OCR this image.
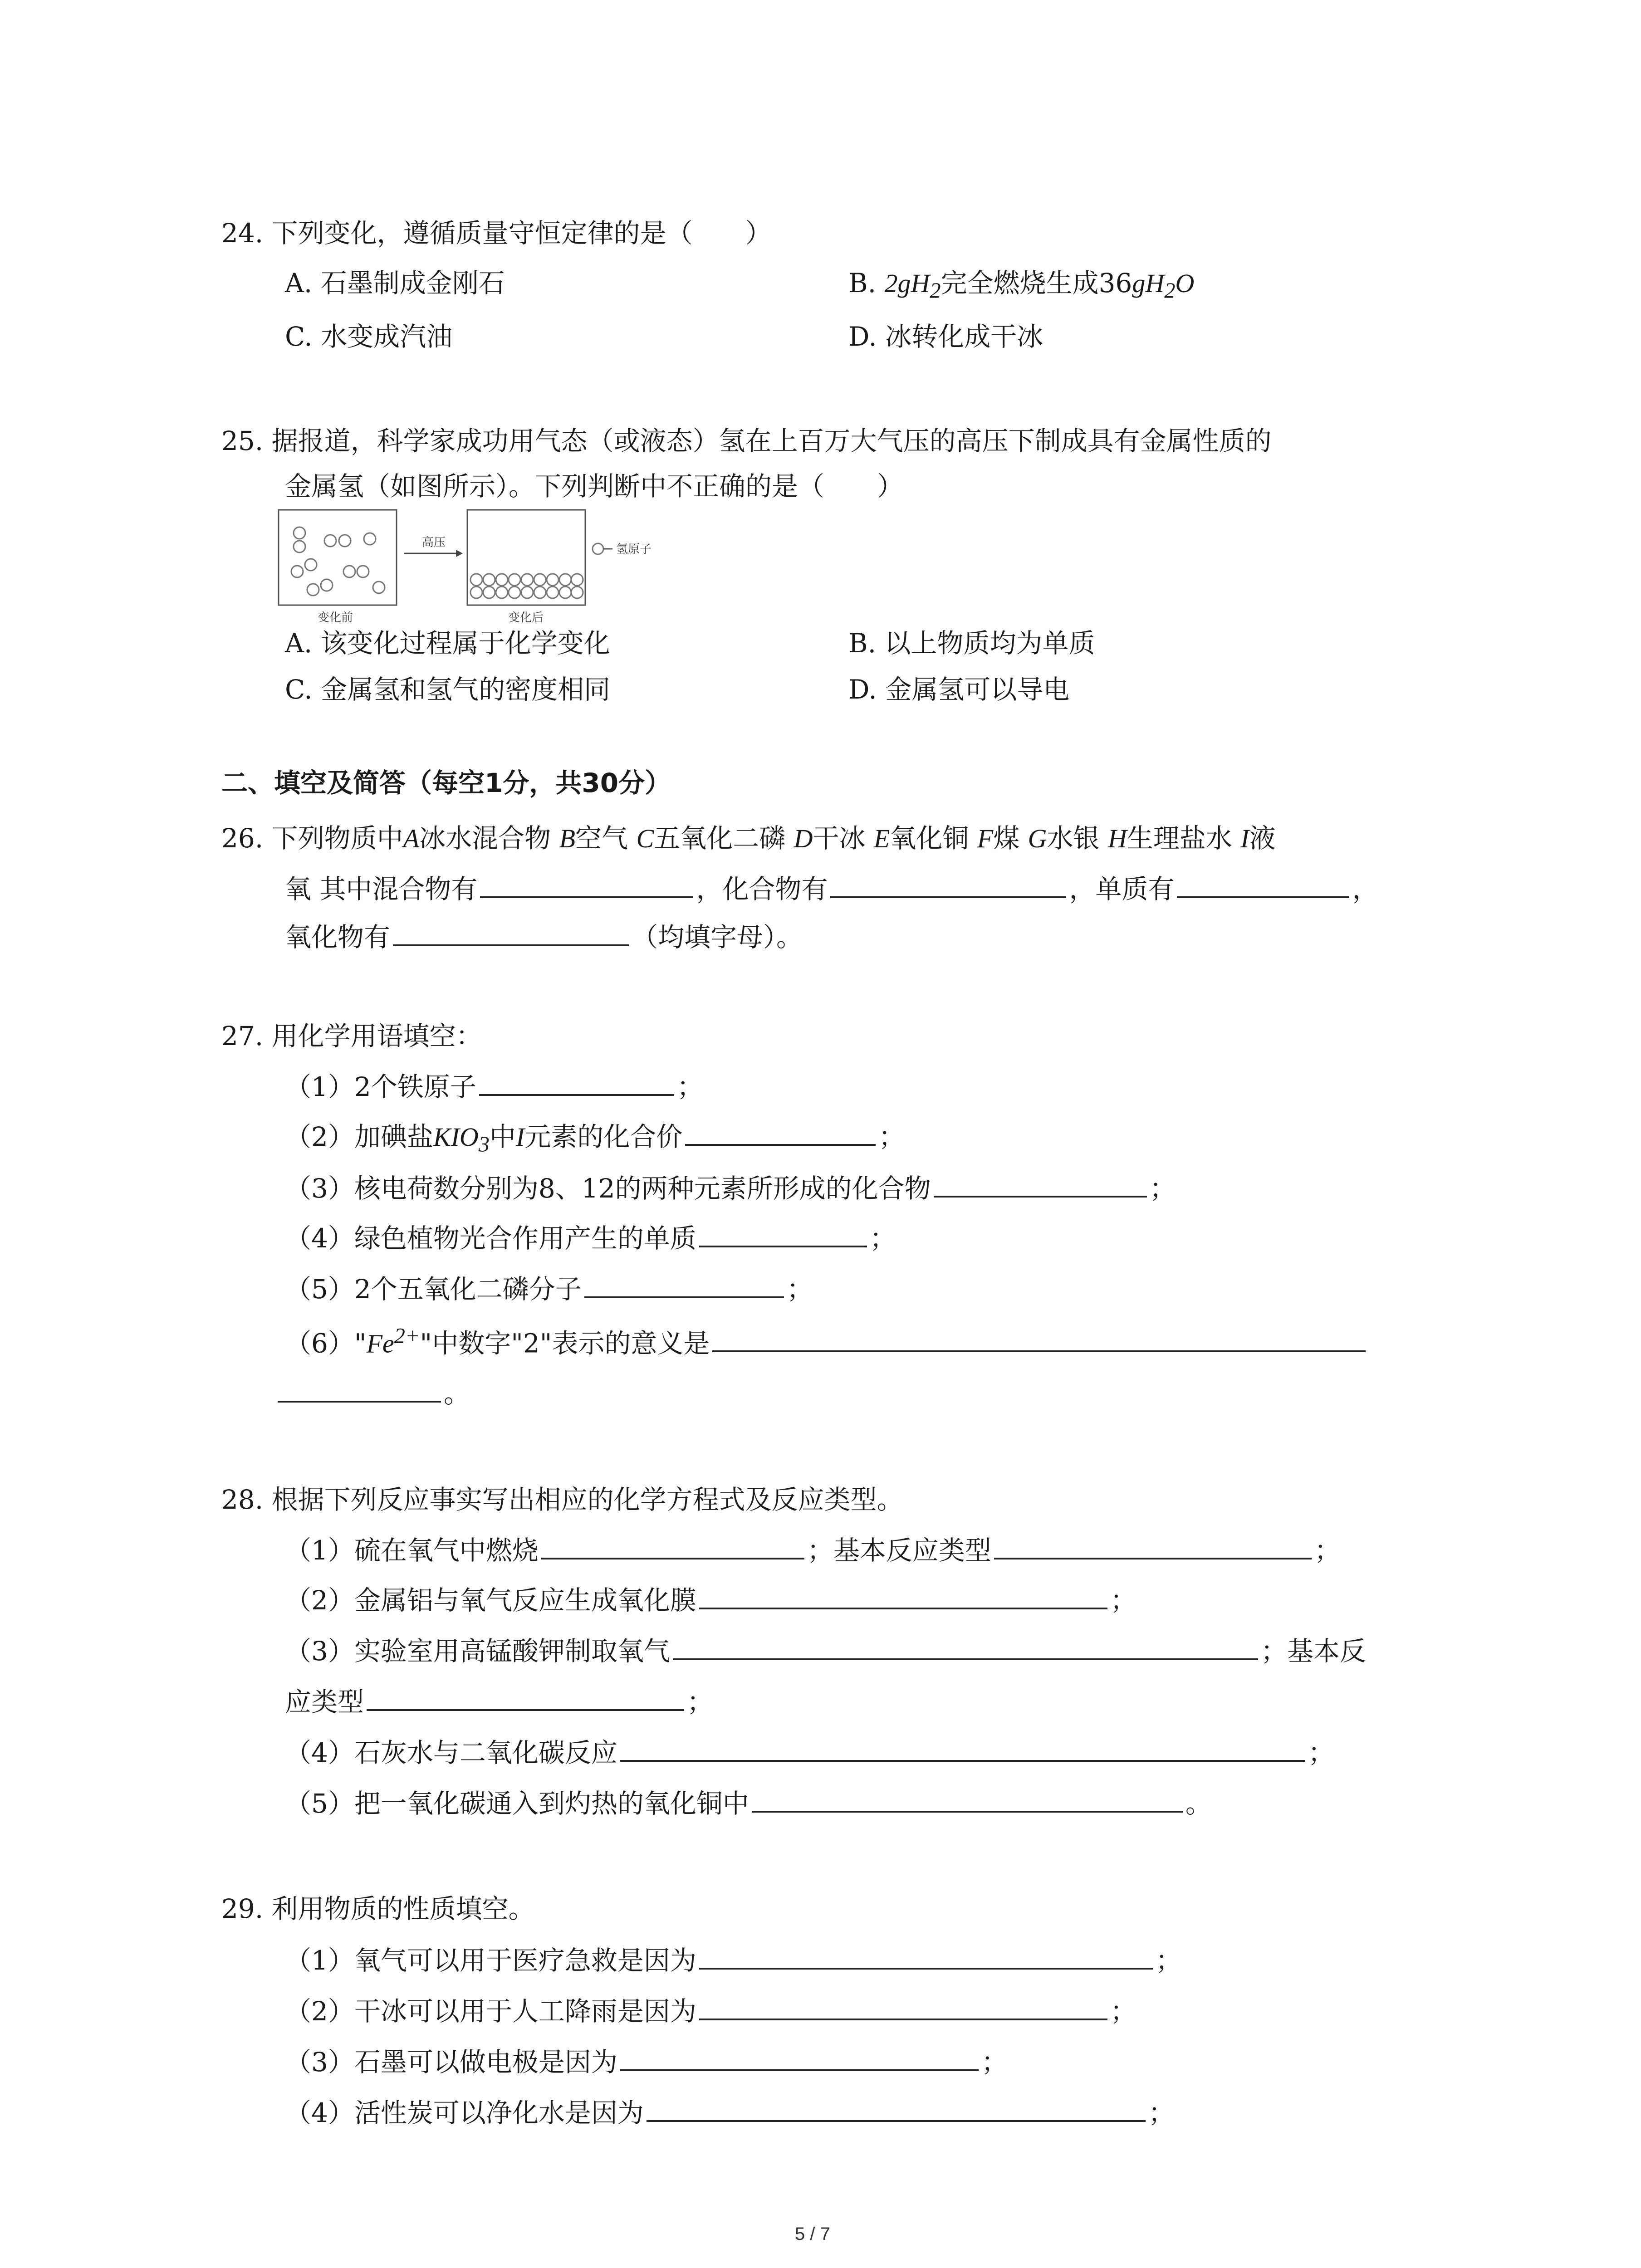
24. 下列变化，遵循质量守恒定律的是（　　）
A. 石墨制成金刚石	B. $2gH_2$完全燃烧生成$36gH_2O$
C. 水变成汽油	D. 冰转化成干冰
25. 据报道，科学家成功用气态（或液态）氢在上百万大气压的高压下制成具有金属性质的
金属氢（如图所示）。下列判断中不正确的是（　　）
高压	氢原子
变化前	变化后
A. 该变化过程属于化学变化	B. 以上物质均为单质
C. 金属氢和氢气的密度相同	D. 金属氢可以导电
二、填空及简答（每空1分，共30分）
26. 下列物质中A冰水混合物 B空气 C五氧化二磷 D干冰 E氧化铜 F煤 G水银 H生理盐水 I液
氧 其中混合物有	，化合物有	，单质有	，
氧化物有	（均填字母）。
27. 用化学用语填空：
（1）2个铁原子	；
（2）加碘盐$KIO_3$中I元素的化合价	；
（3）核电荷数分别为8、12的两种元素所形成的化合物	；
（4）绿色植物光合作用产生的单质	；
（5）2个五氧化二磷分子	；
$(6)"Fe^{2+}$"中数字"2"表示的意义是
。
28. 根据下列反应事实写出相应的化学方程式及反应类型。
（1）硫在氧气中燃烧	；基本反应类型	；
（2）金属铝与氧气反应生成氧化膜	；
（3）实验室用高锰酸钾制取氧气	；基本反
应类型	；
（4）石灰水与二氧化碳反应	；
（5）把一氧化碳通入到灼热的氧化铜中	。
29. 利用物质的性质填空。
（1）氧气可以用于医疗急救是因为	；
（2）干冰可以用于人工降雨是因为	；
（3）石墨可以做电极是因为	；
（4）活性炭可以净化水是因为	；
5 / 7
